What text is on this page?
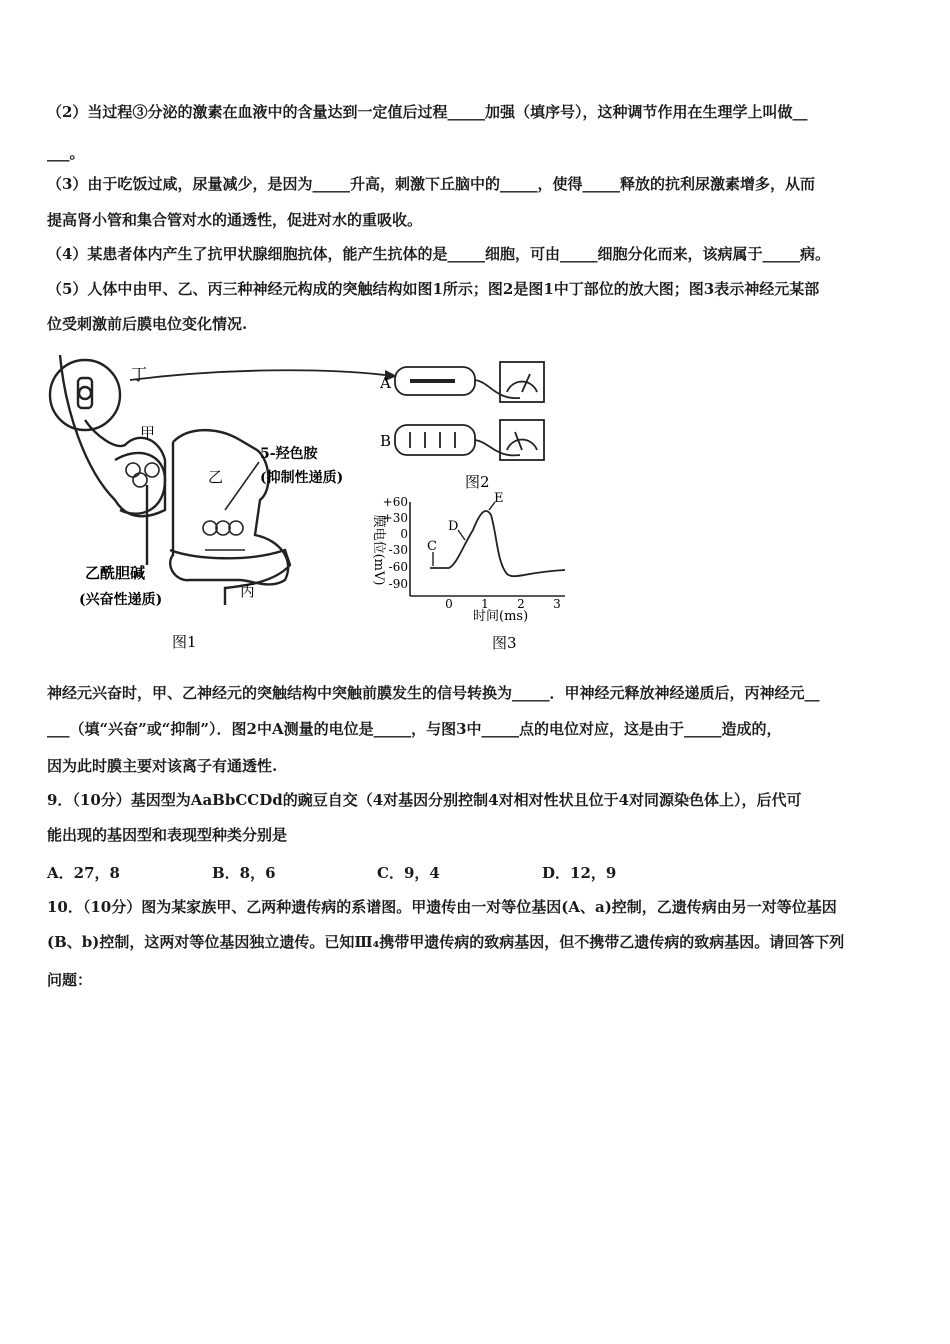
（2）当过程③分泌的激素在血液中的含量达到一定值后过程_____加强（填序号），这种调节作用在生理学上叫做__
___。
（3）由于吃饭过咸，尿量减少，是因为_____升高，刺激下丘脑中的_____，使得_____释放的抗利尿激素增多，从而
提高肾小管和集合管对水的通透性，促进对水的重吸收。
（4）某患者体内产生了抗甲状腺细胞抗体，能产生抗体的是_____细胞，可由_____细胞分化而来，该病属于_____病。
（5）人体中由甲、乙、丙三种神经元构成的突触结构如图1所示；图2是图1中丁部位的放大图；图3表示神经元某部
位受刺激前后膜电位变化情况.
丁
甲
乙
丙
5-羟色胺
(抑制性递质)
乙酰胆碱
(兴奋性递质)
图1
A
B
图2
膜电位(mV)
+60
+30
0
-30
-60
-90
0 1 2 3
时间(ms)
C
D
E
图3
神经元兴奋时，甲、乙神经元的突触结构中突触前膜发生的信号转换为_____．甲神经元释放神经递质后，丙神经元__
___（填“兴奋”或“抑制”）．图2中A测量的电位是_____，与图3中_____点的电位对应，这是由于_____造成的，
因为此时膜主要对该离子有通透性.
9．（10分）基因型为AaBbCCDd的豌豆自交（4对基因分别控制4对相对性状且位于4对同源染色体上），后代可
能出现的基因型和表现型种类分别是
A．27，8	B．8，6	C．9，4	D．12，9
10．（10分）图为某家族甲、乙两种遗传病的系谱图。甲遗传由一对等位基因(A、a)控制，乙遗传病由另一对等位基因
(B、b)控制，这两对等位基因独立遗传。已知Ⅲ₄携带甲遗传病的致病基因，但不携带乙遗传病的致病基因。请回答下列
问题：
